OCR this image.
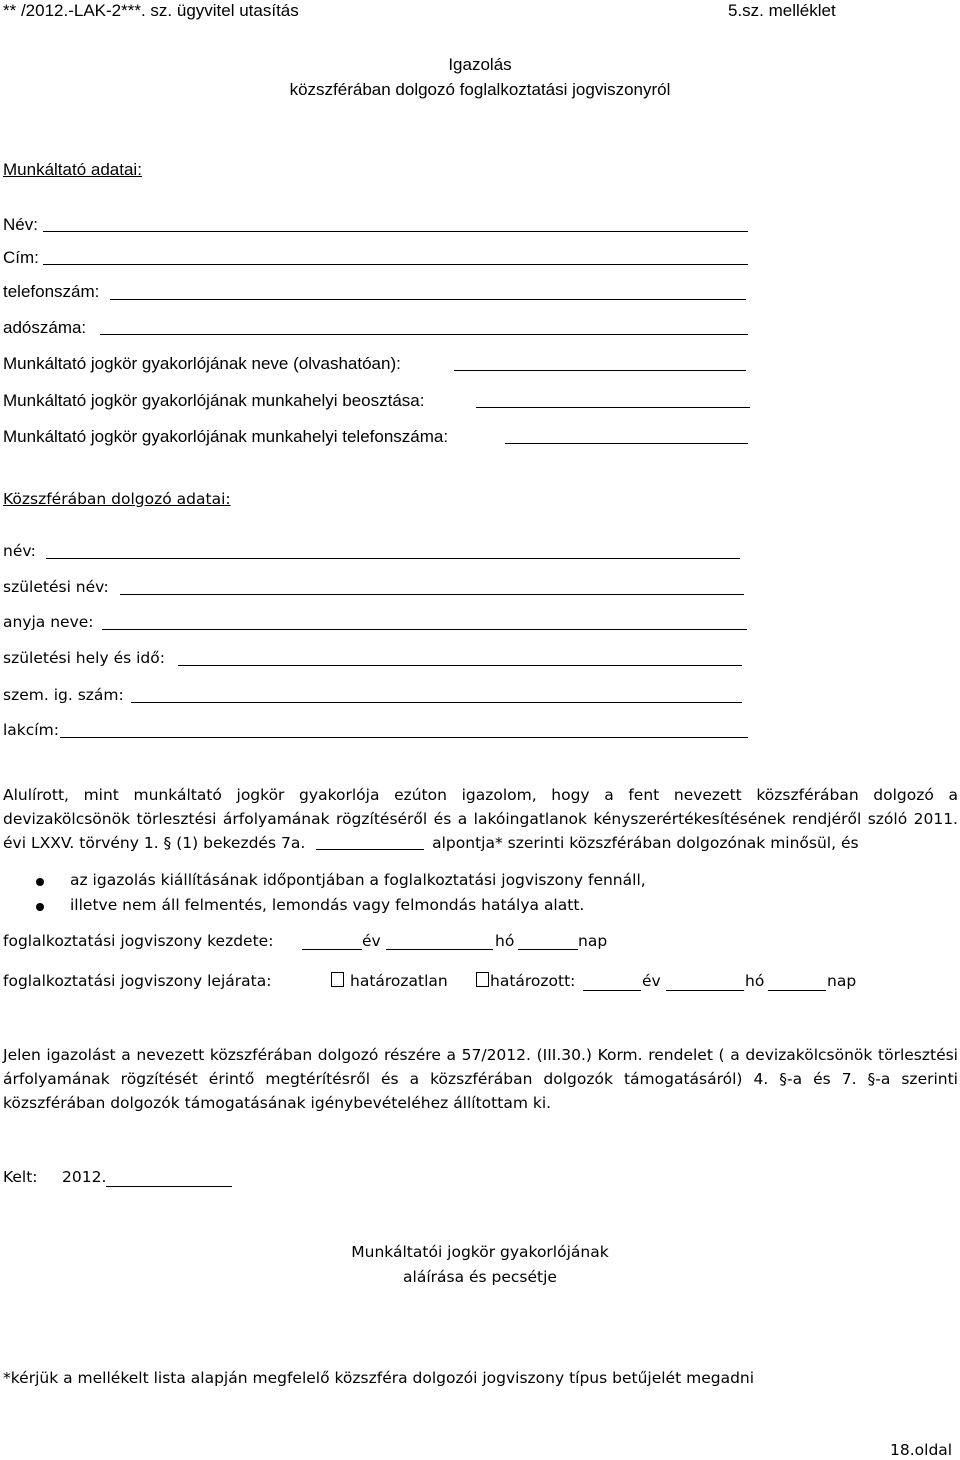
** /2012.-LAK-2***. sz. ügyvitel utasítás	5.sz. melléklet
Igazolás
közszférában dolgozó foglalkoztatási jogviszonyról
Munkáltató adatai:
Név:
Cím:
telefonszám:
adószáma:
Munkáltató jogkör gyakorlójának neve (olvashatóan):
Munkáltató jogkör gyakorlójának munkahelyi beosztása:
Munkáltató jogkör gyakorlójának munkahelyi telefonszáma:
Közszférában dolgozó adatai:
név:
születési név:
anyja neve:
születési hely és idő:
szem. ig. szám:
lakcím:
Alulírott, mint munkáltató jogkör gyakorlója ezúton igazolom, hogy a fent nevezett közszférában dolgozó a devizakölcsönök törlesztési árfolyamának rögzítéséről és a lakóingatlanok kényszerértékesítésének rendjéről szóló 2011. évi LXXV. törvény 1. § (1) bekezdés 7a.	alpontja* szerinti közszférában dolgozónak minősül, és
az igazolás kiállításának időpontjában a foglalkoztatási jogviszony fennáll,
illetve nem áll felmentés, lemondás vagy felmondás hatálya alatt.
foglalkoztatási jogviszony kezdete:	év	hó	nap
foglalkoztatási jogviszony lejárata:	határozatlan	határozott:	év	hó	nap
Jelen igazolást a nevezett közszférában dolgozó részére a 57/2012. (III.30.) Korm. rendelet ( a devizakölcsönök törlesztési árfolyamának rögzítését érintő megtérítésről és a közszférában dolgozók támogatásáról) 4. §-a és 7. §-a szerinti közszférában dolgozók támogatásának igénybevételéhez állítottam ki.
Kelt: 2012.
Munkáltatói jogkör gyakorlójának
aláírása és pecsétje
*kérjük a mellékelt lista alapján megfelelő közszféra dolgozói jogviszony típus betűjelét megadni
18.oldal
